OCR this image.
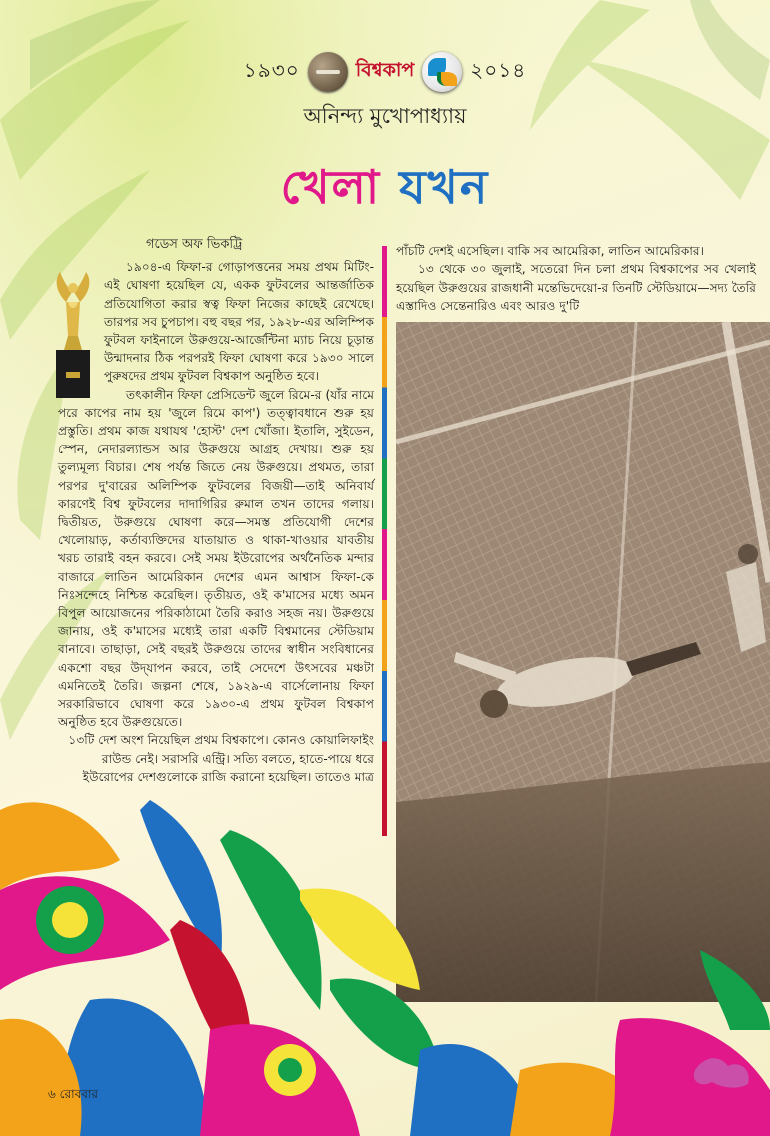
১৯৩০	বিশ্বকাপ	২০১৪
অনিন্দ্য মুখোপাধ্যায়
খেলা যখন
গডেস অফ ভিকট্রি

১৯০৪-এ ফিফা-র গোড়াপত্তনের সময় প্রথম মিটিং-এই ঘোষণা হয়েছিল যে, একক ফুটবলের আন্তর্জাতিক প্রতিযোগিতা করার স্বত্ব ফিফা নিজের কাছেই রেখেছে। তারপর সব চুপচাপ। বহু বছর পর, ১৯২৮-এর অলিম্পিক ফুটবল ফাইনালে উরুগুয়ে-আর্জেন্টিনা ম্যাচ নিয়ে চূড়ান্ত উন্মাদনার ঠিক পরপরই ফিফা ঘোষণা করে ১৯৩০ সালে পুরুষদের প্রথম ফুটবল বিশ্বকাপ অনুষ্ঠিত হবে।

তৎকালীন ফিফা প্রেসিডেন্ট জুলে রিমে-র (যাঁর নামে পরে কাপের নাম হয় 'জুলে রিমে কাপ') তত্ত্বাবধানে শুরু হয় প্রস্তুতি। প্রথম কাজ যথাযথ 'হোস্ট' দেশ খোঁজা। ইতালি, সুইডেন, স্পেন, নেদারল্যান্ডস আর উরুগুয়ে আগ্রহ দেখায়। শুরু হয় তুল্যমূল্য বিচার। শেষ পর্যন্ত জিতে নেয় উরুগুয়ে। প্রথমত, তারা পরপর দু'বারের অলিম্পিক ফুটবলের বিজয়ী—তাই অনিবার্য কারণেই বিশ্ব ফুটবলের দাদাগিরির রুমাল তখন তাদের গলায়। দ্বিতীয়ত, উরুগুয়ে ঘোষণা করে—সমস্ত প্রতিযোগী দেশের খেলোয়াড়, কর্তাব্যক্তিদের যাতায়াত ও থাকা-খাওয়ার যাবতীয় খরচ তারাই বহন করবে। সেই সময় ইউরোপের অর্থনৈতিক মন্দার বাজারে লাতিন আমেরিকান দেশের এমন আশ্বাস ফিফা-কে নিঃসন্দেহে নিশ্চিন্ত করেছিল। তৃতীয়ত, ওই ক'মাসের মধ্যে অমন বিপুল আয়োজনের পরিকাঠামো তৈরি করাও সহজ নয়। উরুগুয়ে জানায়, ওই ক'মাসের মধ্যেই তারা একটি বিশ্বমানের স্টেডিয়াম বানাবে। তাছাড়া, সেই বছরই উরুগুয়ে তাদের স্বাধীন সংবিধানের একশো বছর উদ্‌যাপন করবে, তাই সেদেশে উৎসবের মঞ্চটা এমনিতেই তৈরি। জল্পনা শেষে, ১৯২৯-এ বার্সেলোনায় ফিফা সরকারিভাবে ঘোষণা করে ১৯৩০-এ প্রথম ফুটবল বিশ্বকাপ অনুষ্ঠিত হবে উরুগুয়েতে।

১৩টি দেশ অংশ নিয়েছিল প্রথম বিশ্বকাপে। কোনও কোয়ালিফাইং রাউন্ড নেই। সরাসরি এন্ট্রি। সত্যি বলতে, হাতে-পায়ে ধরে ইউরোপের দেশগুলোকে রাজি করানো হয়েছিল। তাতেও মাত্র

পাঁচটি দেশই এসেছিল। বাকি সব আমেরিকা, লাতিন আমেরিকার।

১৩ থেকে ৩০ জুলাই, সতেরো দিন চলা প্রথম বিশ্বকাপের সব খেলাই হয়েছিল উরুগুয়ের রাজধানী মন্তেভিদেয়ো-র তিনটি স্টেডিয়ামে—সদ্য তৈরি এস্তাদিও সেন্তেনারিও এবং আরও দু'টি

৬ রোববার
